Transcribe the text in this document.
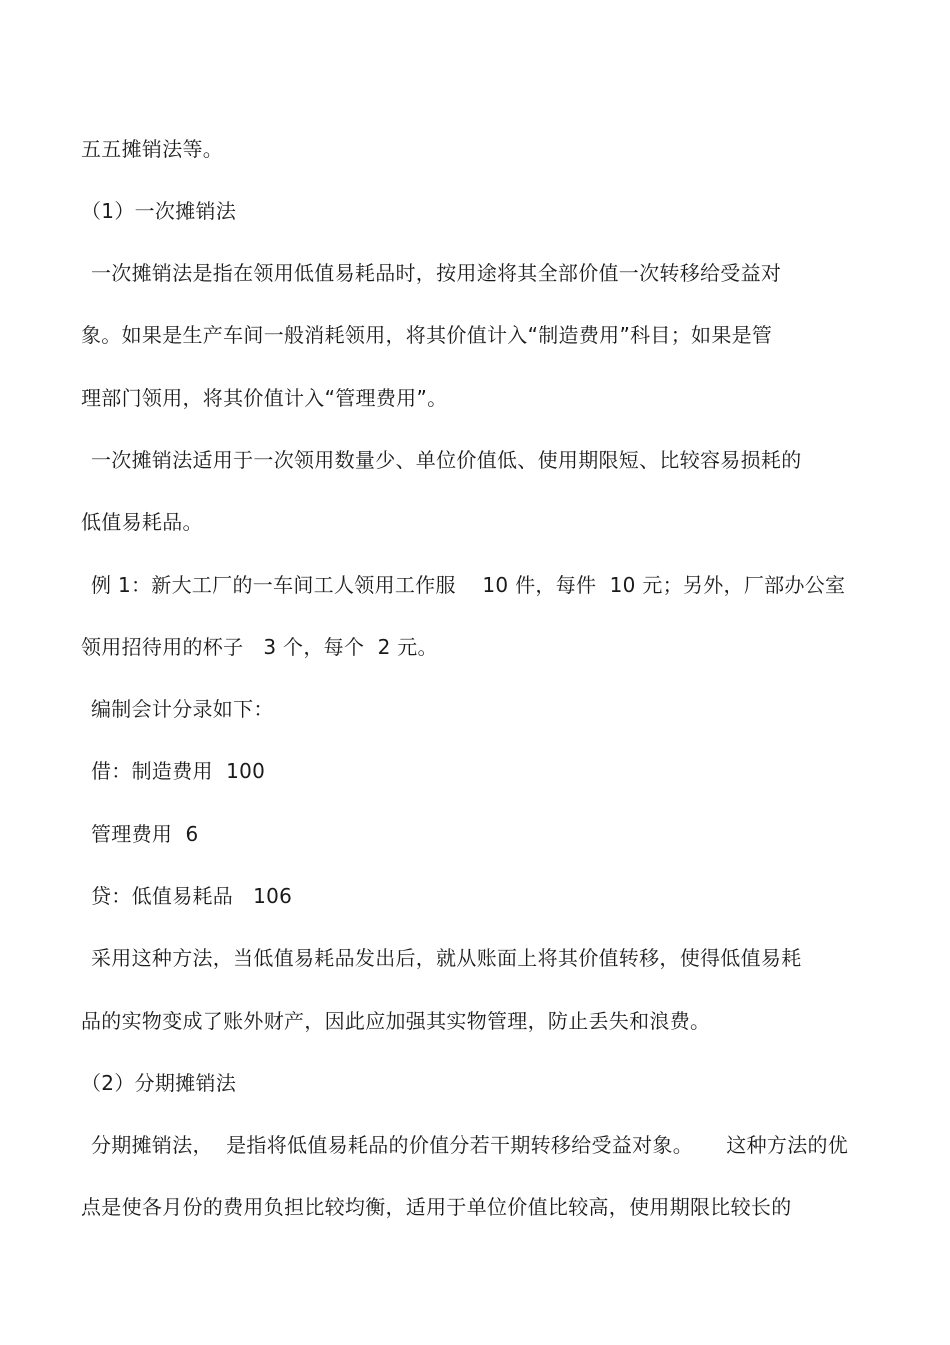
五五摊销法等。
（1）一次摊销法
一次摊销法是指在领用低值易耗品时，按用途将其全部价值一次转移给受益对
象。如果是生产车间一般消耗领用，将其价值计入“制造费用”科目；如果是管
理部门领用，将其价值计入“管理费用”。
一次摊销法适用于一次领用数量少、单位价值低、使用期限短、比较容易损耗的
低值易耗品。
例 1：新大工厂的一车间工人领用工作服    10 件，每件  10 元；另外，厂部办公室
领用招待用的杯子   3 个，每个  2 元。
编制会计分录如下：
借：制造费用  100
管理费用  6
贷：低值易耗品   106
采用这种方法，当低值易耗品发出后，就从账面上将其价值转移，使得低值易耗
品的实物变成了账外财产，因此应加强其实物管理，防止丢失和浪费。
（2）分期摊销法
分期摊销法，  是指将低值易耗品的价值分若干期转移给受益对象。     这种方法的优
点是使各月份的费用负担比较均衡，适用于单位价值比较高，使用期限比较长的
